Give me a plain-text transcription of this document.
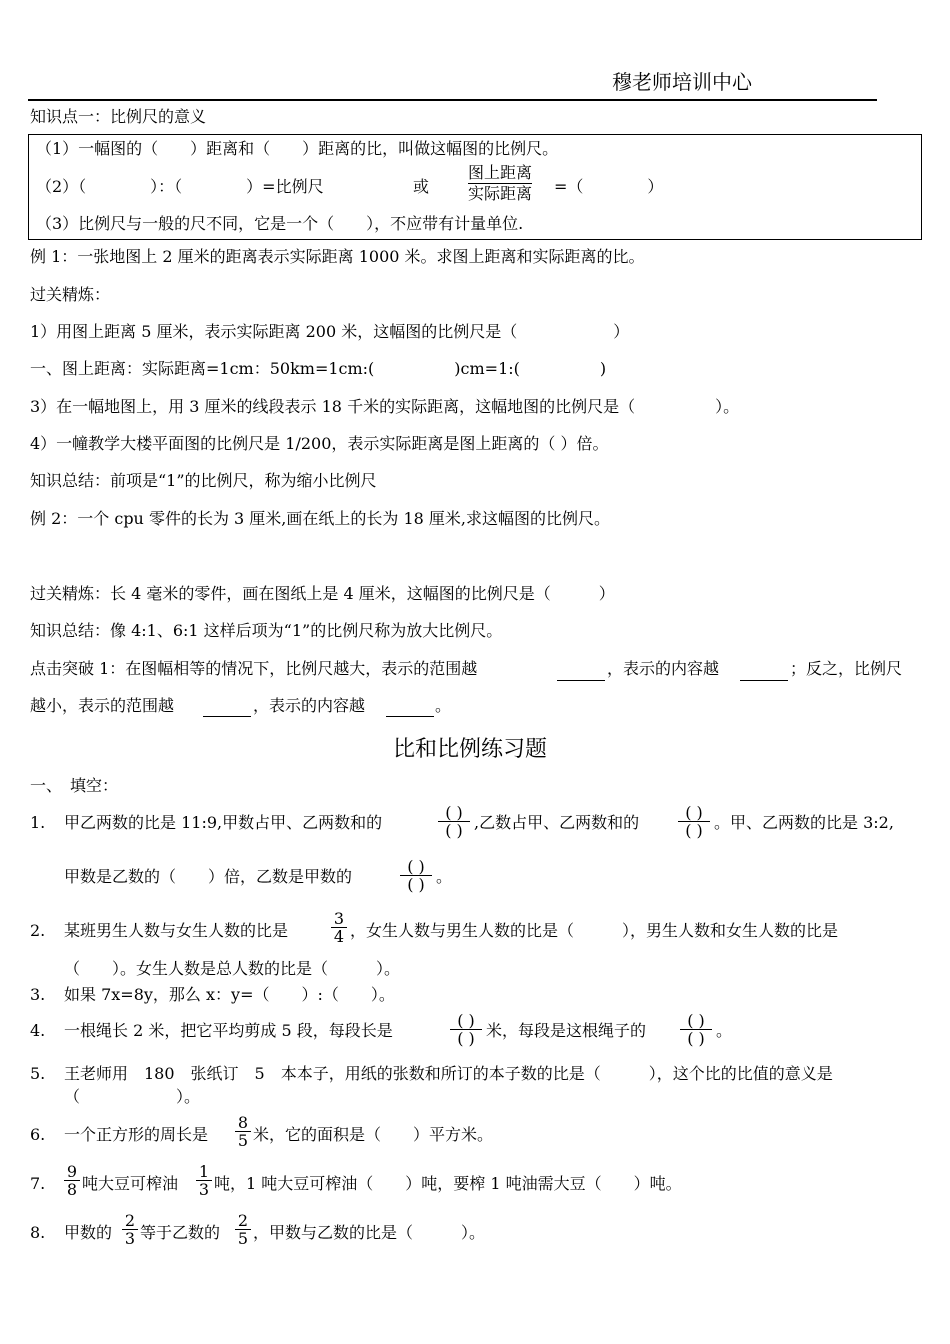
穆老师培训中心
知识点一：比例尺的意义
（1）一幅图的（　　）距离和（　　）距离的比，叫做这幅图的比例尺。
（2）（　　　　）：（　　　　）=比例尺	或
图上距离
实际距离 =（　　　　）
（3）比例尺与一般的尺不同，它是一个（　　），不应带有计量单位.
例 1：一张地图上 2 厘米的距离表示实际距离 1000 米。求图上距离和实际距离的比。
过关精炼：
1）用图上距离 5 厘米，表示实际距离 200 米，这幅图的比例尺是（　　　　　　）
一、图上距离：实际距离=1cm：50km=1cm:(　　　　　)cm=1:(　　　　　)
3）在一幅地图上，用 3 厘米的线段表示 18 千米的实际距离，这幅地图的比例尺是（　　　　　）。
4）一幢教学大楼平面图的比例尺是 1/200，表示实际距离是图上距离的（ ）倍。
知识总结：前项是“1”的比例尺，称为缩小比例尺
例 2：一个 cpu 零件的长为 3 厘米,画在纸上的长为 18 厘米,求这幅图的比例尺。
过关精炼：长 4 毫米的零件，画在图纸上是 4 厘米，这幅图的比例尺是（　　　）
知识总结：像 4:1、6:1 这样后项为“1”的比例尺称为放大比例尺。
点击突破 1：在图幅相等的情况下，比例尺越大，表示的范围越	，表示的内容越	；反之，比例尺
越小，表示的范围越	，表示的内容越	。
比和比例练习题
一、　填空：
1. 甲乙两数的比是 11:9,甲数占甲、乙两数和的
( )
( ) ,乙数占甲、乙两数和的
( )
( ) 。甲、乙两数的比是 3:2,
甲数是乙数的（　　）倍，乙数是甲数的
( )
( ) 。
2. 某班男生人数与女生人数的比是
3
4 ，女生人数与男生人数的比是（　　　），男生人数和女生人数的比是
（　　）。女生人数是总人数的比是（　　　）。
3. 如果 7x=8y，那么 x：y=（　　）:（　　）。
4. 一根绳长 2 米，把它平均剪成 5 段，每段长是
( )
( ) 米，每段是这根绳子的
( )
( ) 。
5. 王老师用　180　张纸订　5　本本子，用纸的张数和所订的本子数的比是（　　　），这个比的比值的意义是
（　　　　　　）。
6. 一个正方形的周长是
8
5 米，它的面积是（　　）平方米。
7.
9
8 吨大豆可榨油
1
3 吨，1 吨大豆可榨油（　　）吨，要榨 1 吨油需大豆（　　）吨。
8. 甲数的
2
3 等于乙数的
2
5 ，甲数与乙数的比是（　　　）。
